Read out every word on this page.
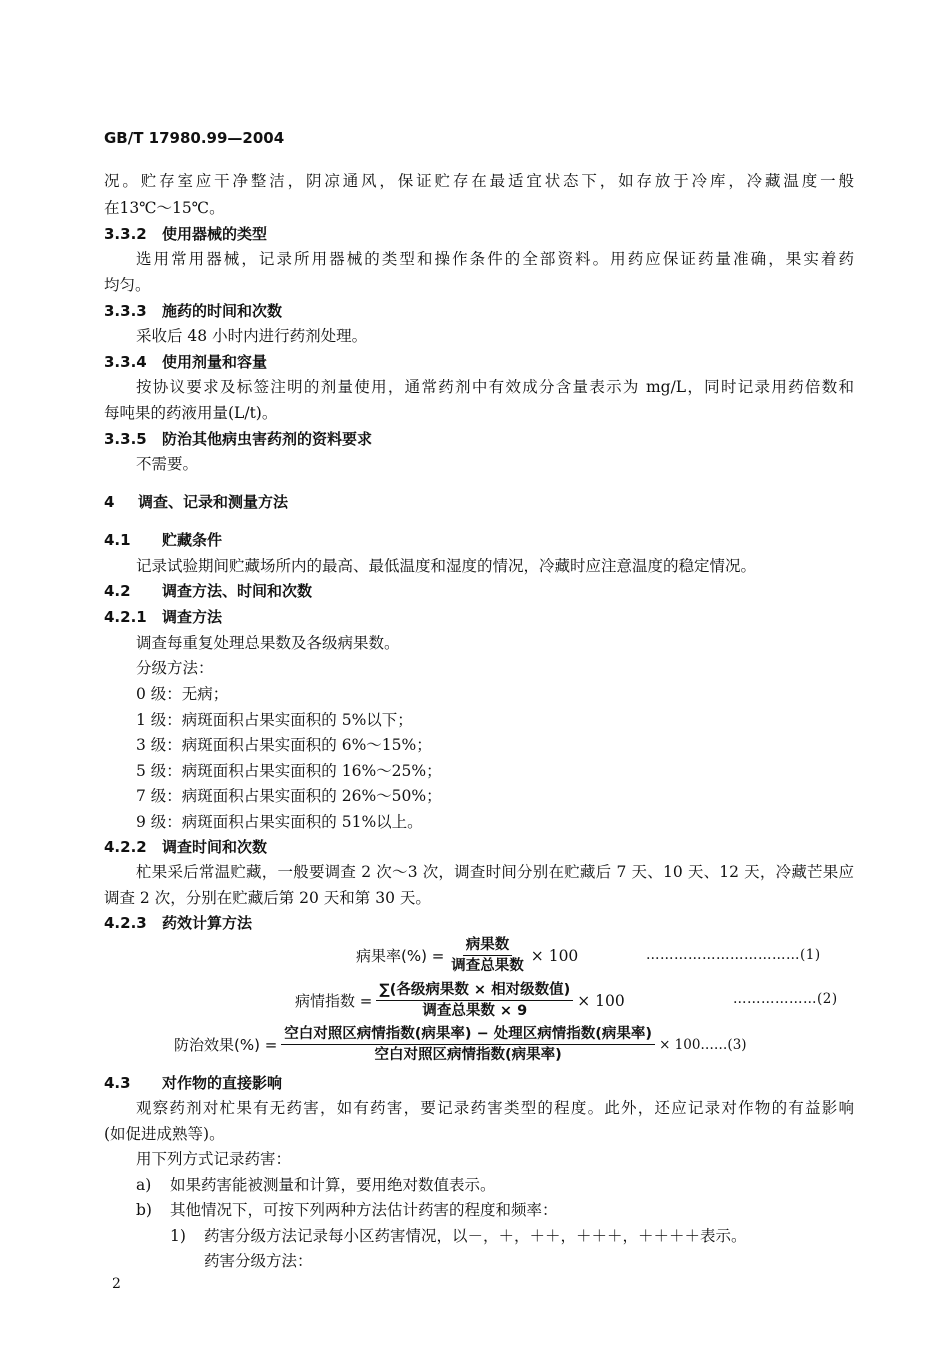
GB/T 17980.99—2004
况。贮存室应干净整洁，阴凉通风，保证贮存在最适宜状态下，如存放于冷库，冷藏温度一般
在13℃～15℃。
3.3.2 使用器械的类型
选用常用器械，记录所用器械的类型和操作条件的全部资料。用药应保证药量准确，果实着药
均匀。
3.3.3 施药的时间和次数
采收后 48 小时内进行药剂处理。
3.3.4 使用剂量和容量
按协议要求及标签注明的剂量使用，通常药剂中有效成分含量表示为 mg/L，同时记录用药倍数和
每吨果的药液用量(L/t)。
3.3.5 防治其他病虫害药剂的资料要求
不需要。
4 调查、记录和测量方法
4.1 贮藏条件
记录试验期间贮藏场所内的最高、最低温度和湿度的情况，冷藏时应注意温度的稳定情况。
4.2 调查方法、时间和次数
4.2.1 调查方法
调查每重复处理总果数及各级病果数。
分级方法：
0 级：无病；
1 级：病斑面积占果实面积的 5%以下；
3 级：病斑面积占果实面积的 6%～15%；
5 级：病斑面积占果实面积的 16%～25%；
7 级：病斑面积占果实面积的 26%～50%；
9 级：病斑面积占果实面积的 51%以上。
4.2.2 调查时间和次数
杧果采后常温贮藏，一般要调查 2 次～3 次，调查时间分别在贮藏后 7 天、10 天、12 天，冷藏芒果应
调查 2 次，分别在贮藏后第 20 天和第 30 天。
4.2.3 药效计算方法
病果率(%) = $\frac{\text{病果数}}{\text{调查总果数}} \times 100$	……………………………(1)
病情指数 = $\frac{\text{∑(各级病果数 × 相对级数值)}}{\text{调查总果数 × 9}} \times 100$	………………(2)
防治效果(%) = $\frac{\text{空白对照区病情指数(病果率) − 处理区病情指数(病果率)}}{\text{空白对照区病情指数(病果率)}}$ × 100……(3)
4.3 对作物的直接影响
观察药剂对杧果有无药害，如有药害，要记录药害类型的程度。此外，还应记录对作物的有益影响
(如促进成熟等)。
用下列方式记录药害：
a) 如果药害能被测量和计算，要用绝对数值表示。
b) 其他情况下，可按下列两种方法估计药害的程度和频率：
1) 药害分级方法记录每小区药害情况，以－，＋，＋＋，＋＋＋，＋＋＋＋表示。
药害分级方法：
2
